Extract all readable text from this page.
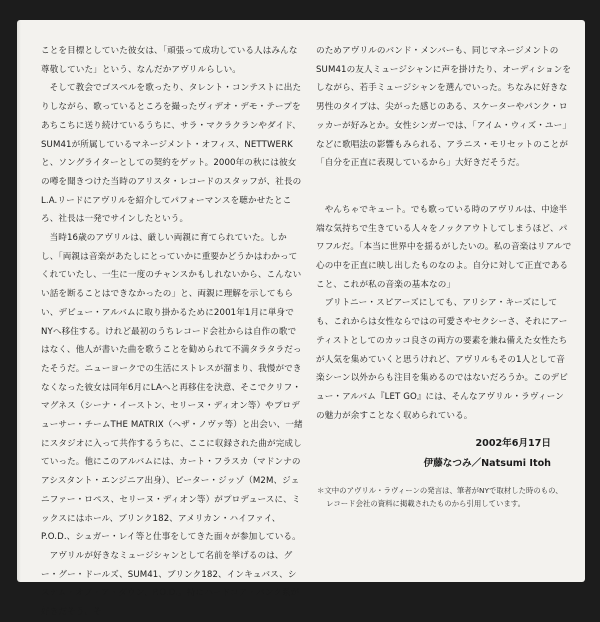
ことを目標としていた彼女は、「頑張って成功している人はみんな尊敬していた」という、なんだかアヴリルらしい。

そして教会でゴスペルを歌ったり、タレント・コンテストに出たりしながら、歌っているところを撮ったヴィデオ・デモ・テープをあちこちに送り続けているうちに、サラ・マクラクランやダイド、SUM41が所属しているマネージメント・オフィス、NETTWERKと、ソングライターとしての契約をゲット。2000年の秋には彼女の噂を聞きつけた当時のアリスタ・レコードのスタッフが、社長のL.A.リードにアヴリルを紹介してパフォーマンスを聴かせたところ、社長は一発でサインしたという。

当時16歳のアヴリルは、厳しい両親に育てられていた。しかし、「両親は音楽があたしにとっていかに重要かどうかはわかってくれていたし、一生に一度のチャンスかもしれないから、こんないい話を断ることはできなかったの」と、両親に理解を示してもらい、デビュー・アルバムに取り掛かるために2001年1月に単身でNYへ移住する。けれど最初のうちレコード会社からは自作の歌ではなく、他人が書いた曲を歌うことを勧められて不満タラタラだったそうだ。ニューヨークでの生活にストレスが溜まり、我慢ができなくなった彼女は同年6月にLAへと再移住を決意、そこでクリフ・マグネス（シーナ・イーストン、セリーヌ・ディオン等）やプロデューサー・チームTHE MATRIX（ヘザ・ノヴァ等）と出会い、一緒にスタジオに入って共作するうちに、ここに収録された曲が完成していった。他にこのアルバムには、カート・フラスカ（マドンナのアシスタント・エンジニア出身）、ピーター・ジッゾ（M2M、ジェニファー・ロペス、セリーヌ・ディオン等）がプロデュースに、ミックスにはホール、ブリンク182、アメリカン・ハイファイ、P.O.D.、シュガー・レイ等と仕事をしてきた面々が参加している。

アヴリルが好きなミュージシャンとして名前を挙げるのは、グー・グー・ドールズ、SUM41、ブリンク182、インキュバス、システム・オブ・ア・ダウン、P.O.D.。特にハードコア・パンク系が好きだそう。そ

のためアヴリルのバンド・メンバーも、同じマネージメントのSUM41の友人ミュージシャンに声を掛けたり、オーディションをしながら、若手ミュージシャンを選んでいった。ちなみに好きな男性のタイプは、尖がった感じのある、スケーターやパンク・ロッカーが好みとか。女性シンガーでは、「アイム・ウィズ・ユー」などに歌唱法の影響もみられる、アラニス・モリセットのことが「自分を正直に表現しているから」大好きだそうだ。

やんちゃでキュート。でも歌っている時のアヴリルは、中途半端な気持ちで生きている人々をノックアウトしてしまうほど、パワフルだ。「本当に世界中を揺るがしたいの。私の音楽はリアルで心の中を正直に映し出したものなのよ。自分に対して正直であること、これが私の音楽の基本なの」

ブリトニー・スピアーズにしても、アリシア・キーズにしても、これからは女性ならではの可愛さやセクシーさ、それにアーティストとしてのカッコ良さの両方の要素を兼ね備えた女性たちが人気を集めていくと思うけれど、アヴリルもその1人として音楽シーン以外からも注目を集めるのではないだろうか。このデビュー・アルバム『LET GO』には、そんなアヴリル・ラヴィーンの魅力が余すことなく収められている。

2002年6月17日
伊藤なつみ／Natsumi Itoh
＊文中のアヴリル・ラヴィーンの発言は、筆者がNYで取材した時のもの、
レコード会社の資料に掲載されたものから引用しています。
